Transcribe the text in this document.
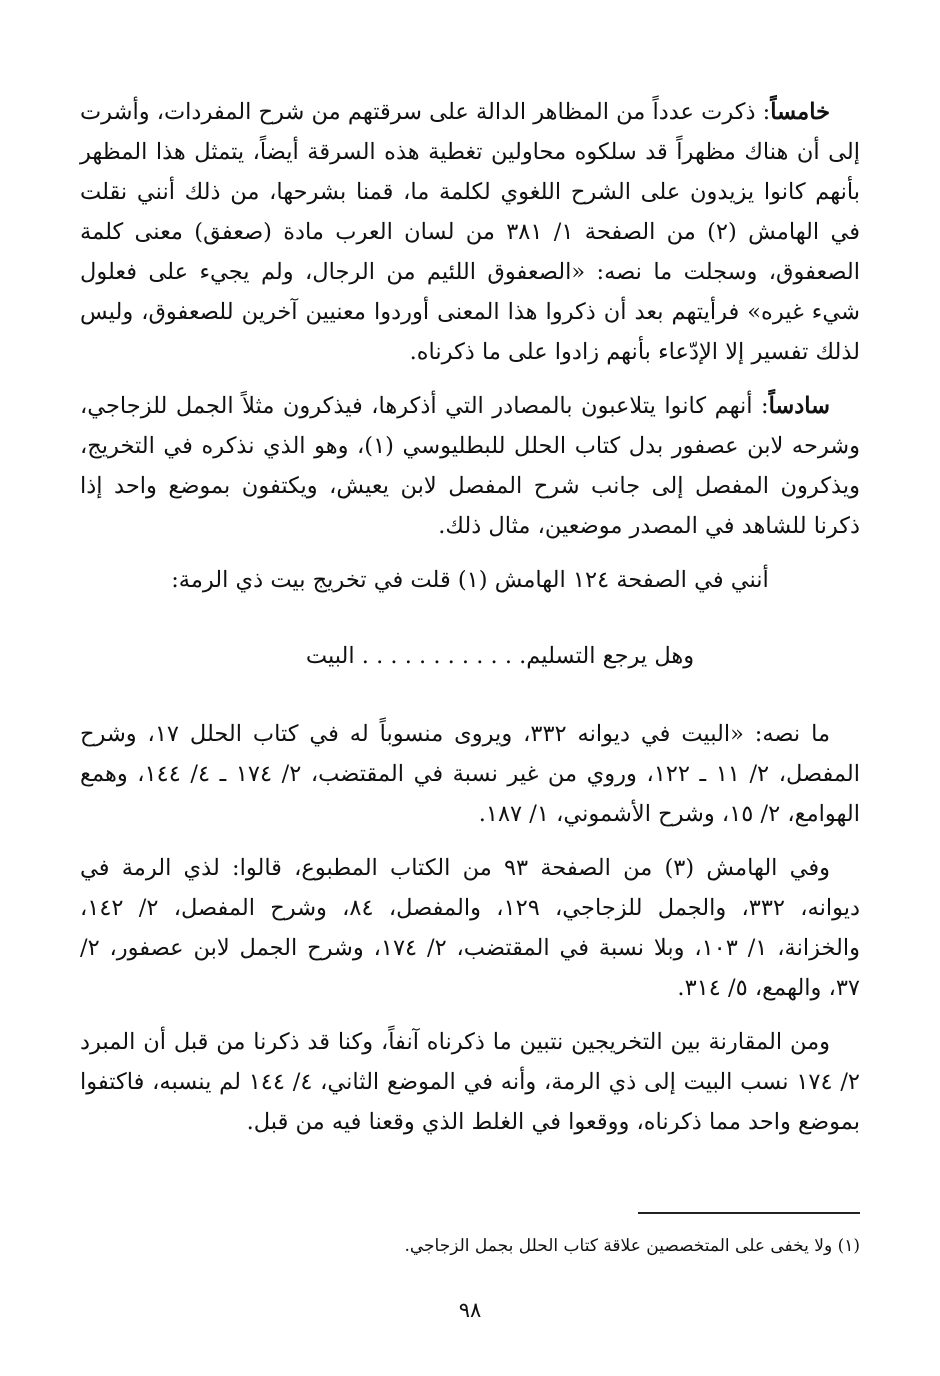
خامساً: ذكرت عدداً من المظاهر الدالة على سرقتهم من شرح المفردات، وأشرت إلى أن هناك مظهراً قد سلكوه محاولين تغطية هذه السرقة أيضاً، يتمثل هذا المظهر بأنهم كانوا يزيدون على الشرح اللغوي لكلمة ما، قمنا بشرحها، من ذلك أنني نقلت في الهامش (٢) من الصفحة ١/ ٣٨١ من لسان العرب مادة (صعفق) معنى كلمة الصعفوق، وسجلت ما نصه: «الصعفوق اللئيم من الرجال، ولم يجيء على فعلول شيء غيره» فرأيتهم بعد أن ذكروا هذا المعنى أوردوا معنيين آخرين للصعفوق، وليس لذلك تفسير إلا الإدّعاء بأنهم زادوا على ما ذكرناه.

سادساً: أنهم كانوا يتلاعبون بالمصادر التي أذكرها، فيذكرون مثلاً الجمل للزجاجي، وشرحه لابن عصفور بدل كتاب الحلل للبطليوسي (١)، وهو الذي نذكره في التخريج، ويذكرون المفصل إلى جانب شرح المفصل لابن يعيش، ويكتفون بموضع واحد إذا ذكرنا للشاهد في المصدر موضعين، مثال ذلك.

أنني في الصفحة ١٢٤ الهامش (١) قلت في تخريج بيت ذي الرمة:

وهل يرجع التسليم. . . . . . . . . . . . البيت

ما نصه: «البيت في ديوانه ٣٣٢، ويروى منسوباً له في كتاب الحلل ١٧، وشرح المفصل، ٢/ ١١ ـ ١٢٢، وروي من غير نسبة في المقتضب، ٢/ ١٧٤ ـ ٤/ ١٤٤، وهمع الهوامع، ٢/ ١٥، وشرح الأشموني، ١/ ١٨٧.

وفي الهامش (٣) من الصفحة ٩٣ من الكتاب المطبوع، قالوا: لذي الرمة في ديوانه، ٣٣٢، والجمل للزجاجي، ١٢٩، والمفصل، ٨٤، وشرح المفصل، ٢/ ١٤٢، والخزانة، ١/ ١٠٣، وبلا نسبة في المقتضب، ٢/ ١٧٤، وشرح الجمل لابن عصفور، ٢/ ٣٧، والهمع، ٥/ ٣١٤.

ومن المقارنة بين التخريجين نتبين ما ذكرناه آنفاً، وكنا قد ذكرنا من قبل أن المبرد ٢/ ١٧٤ نسب البيت إلى ذي الرمة، وأنه في الموضع الثاني، ٤/ ١٤٤ لم ينسبه، فاكتفوا بموضع واحد مما ذكرناه، ووقعوا في الغلط الذي وقعنا فيه من قبل.

(١) ولا يخفى على المتخصصين علاقة كتاب الحلل بجمل الزجاجي.
٩٨
